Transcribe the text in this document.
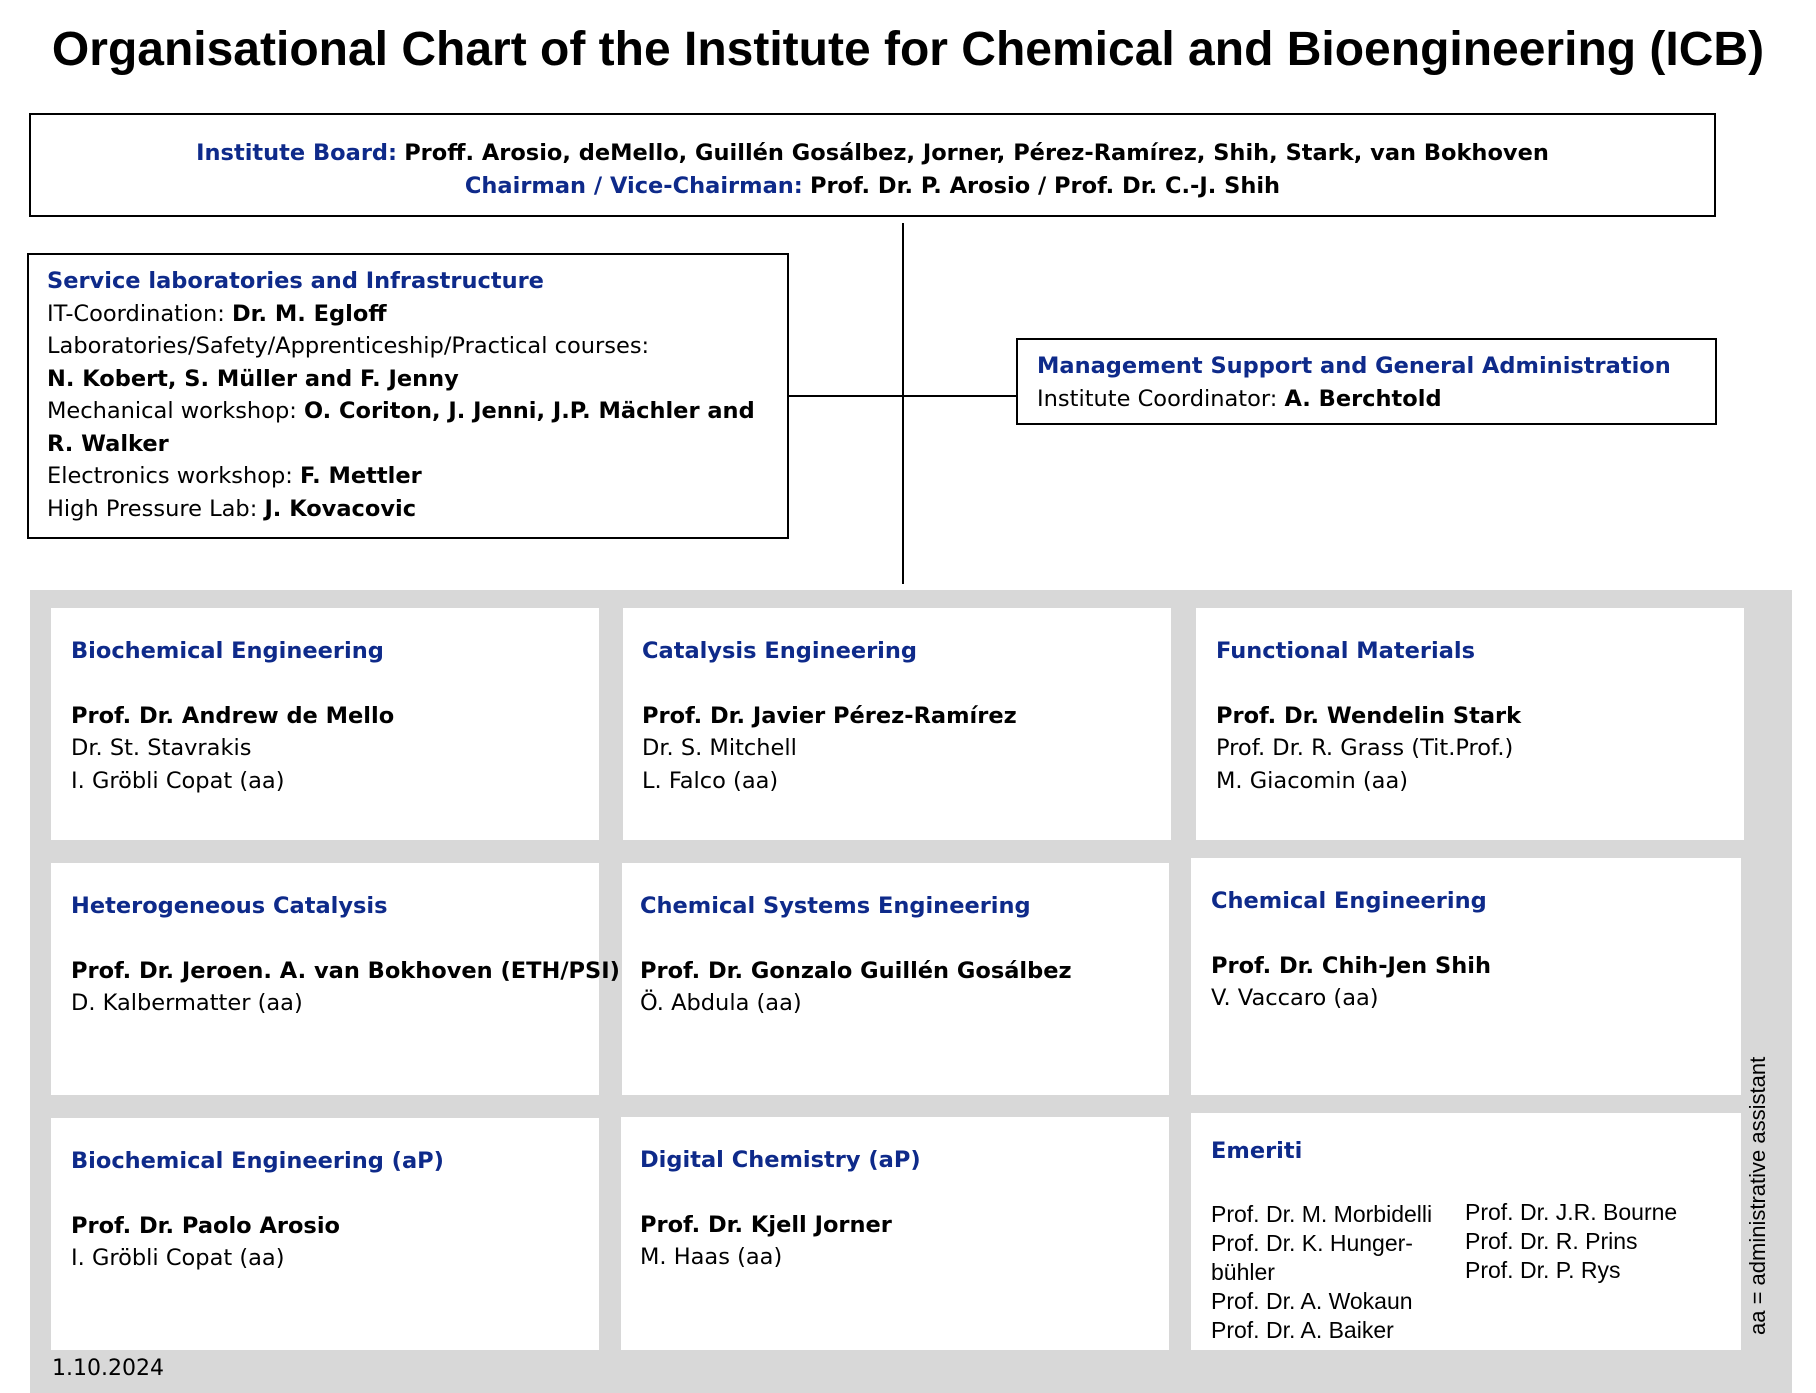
Organisational Chart of the Institute for Chemical and Bioengineering (ICB)
Institute Board: Proff. Arosio, deMello, Guillén Gosálbez, Jorner, Pérez-Ramírez, Shih, Stark, van Bokhoven
Chairman / Vice-Chairman: Prof. Dr. P. Arosio / Prof. Dr. C.-J. Shih
Service laboratories and Infrastructure
IT-Coordination: Dr. M. Egloff
Laboratories/Safety/Apprenticeship/Practical courses:
N. Kobert, S. Müller and F. Jenny
Mechanical workshop: O. Coriton, J. Jenni, J.P. Mächler and
R. Walker
Electronics workshop: F. Mettler
High Pressure Lab: J. Kovacovic
Management Support and General Administration
Institute Coordinator: A. Berchtold
Biochemical Engineering
Prof. Dr. Andrew de Mello
Dr. St. Stavrakis
I. Gröbli Copat (aa)
Catalysis Engineering
Prof. Dr. Javier Pérez-Ramírez
Dr. S. Mitchell
L. Falco (aa)
Functional Materials
Prof. Dr. Wendelin Stark
Prof. Dr. R. Grass (Tit.Prof.)
M. Giacomin (aa)
Heterogeneous Catalysis
Prof. Dr. Jeroen. A. van Bokhoven (ETH/PSI)
D. Kalbermatter (aa)
Chemical Systems Engineering
Prof. Dr. Gonzalo Guillén Gosálbez
Ö. Abdula (aa)
Chemical Engineering
Prof. Dr. Chih-Jen Shih
V. Vaccaro (aa)
Biochemical Engineering (aP)
Prof. Dr. Paolo Arosio
I. Gröbli Copat (aa)
Digital Chemistry (aP)
Prof. Dr. Kjell Jorner
M. Haas (aa)
Emeriti
Prof. Dr. M. Morbidelli
Prof. Dr. K. Hunger-
bühler
Prof. Dr. A. Wokaun
Prof. Dr. A. Baiker
Prof. Dr. J.R. Bourne
Prof. Dr. R. Prins
Prof. Dr. P. Rys	aa = administrative assistant
1.10.2024
